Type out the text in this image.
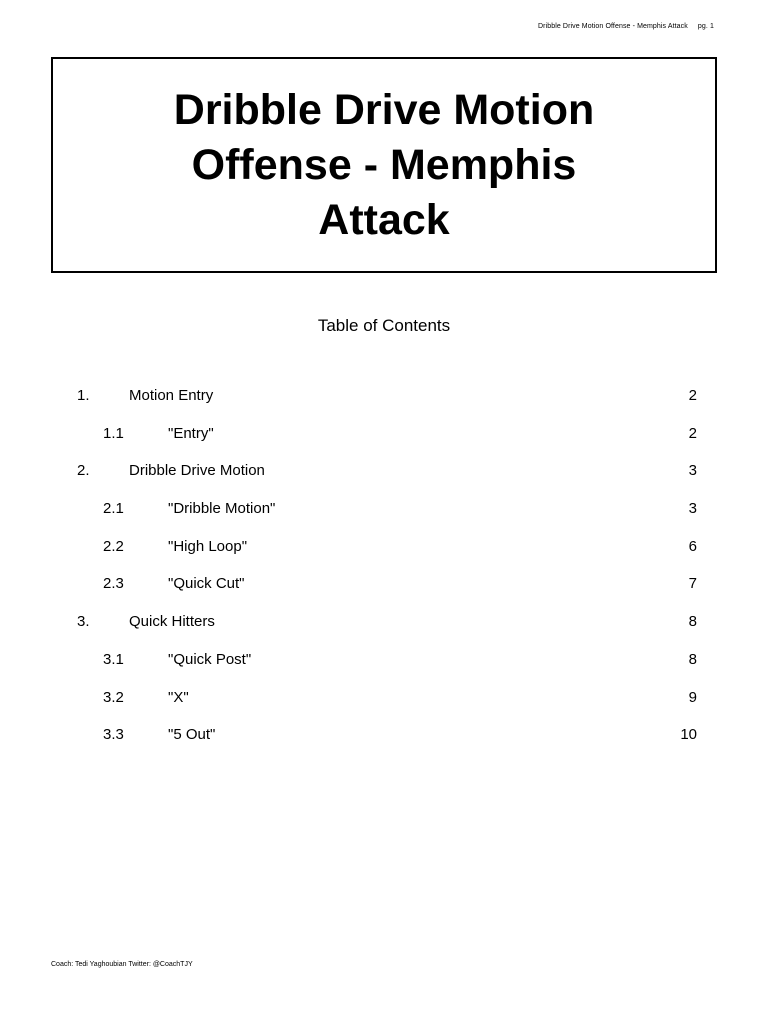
Dribble Drive Motion Offense - Memphis Attack pg. 1
Dribble Drive Motion Offense - Memphis Attack
Table of Contents
1.	Motion Entry	2
1.1	"Entry"	2
2.	Dribble Drive Motion	3
2.1	"Dribble Motion"	3
2.2	"High Loop"	6
2.3	"Quick Cut"	7
3.	Quick Hitters	8
3.1	"Quick Post"	8
3.2	"X"	9
3.3	"5 Out"	10
Coach: Tedi Yaghoubian Twitter: @CoachTJY
